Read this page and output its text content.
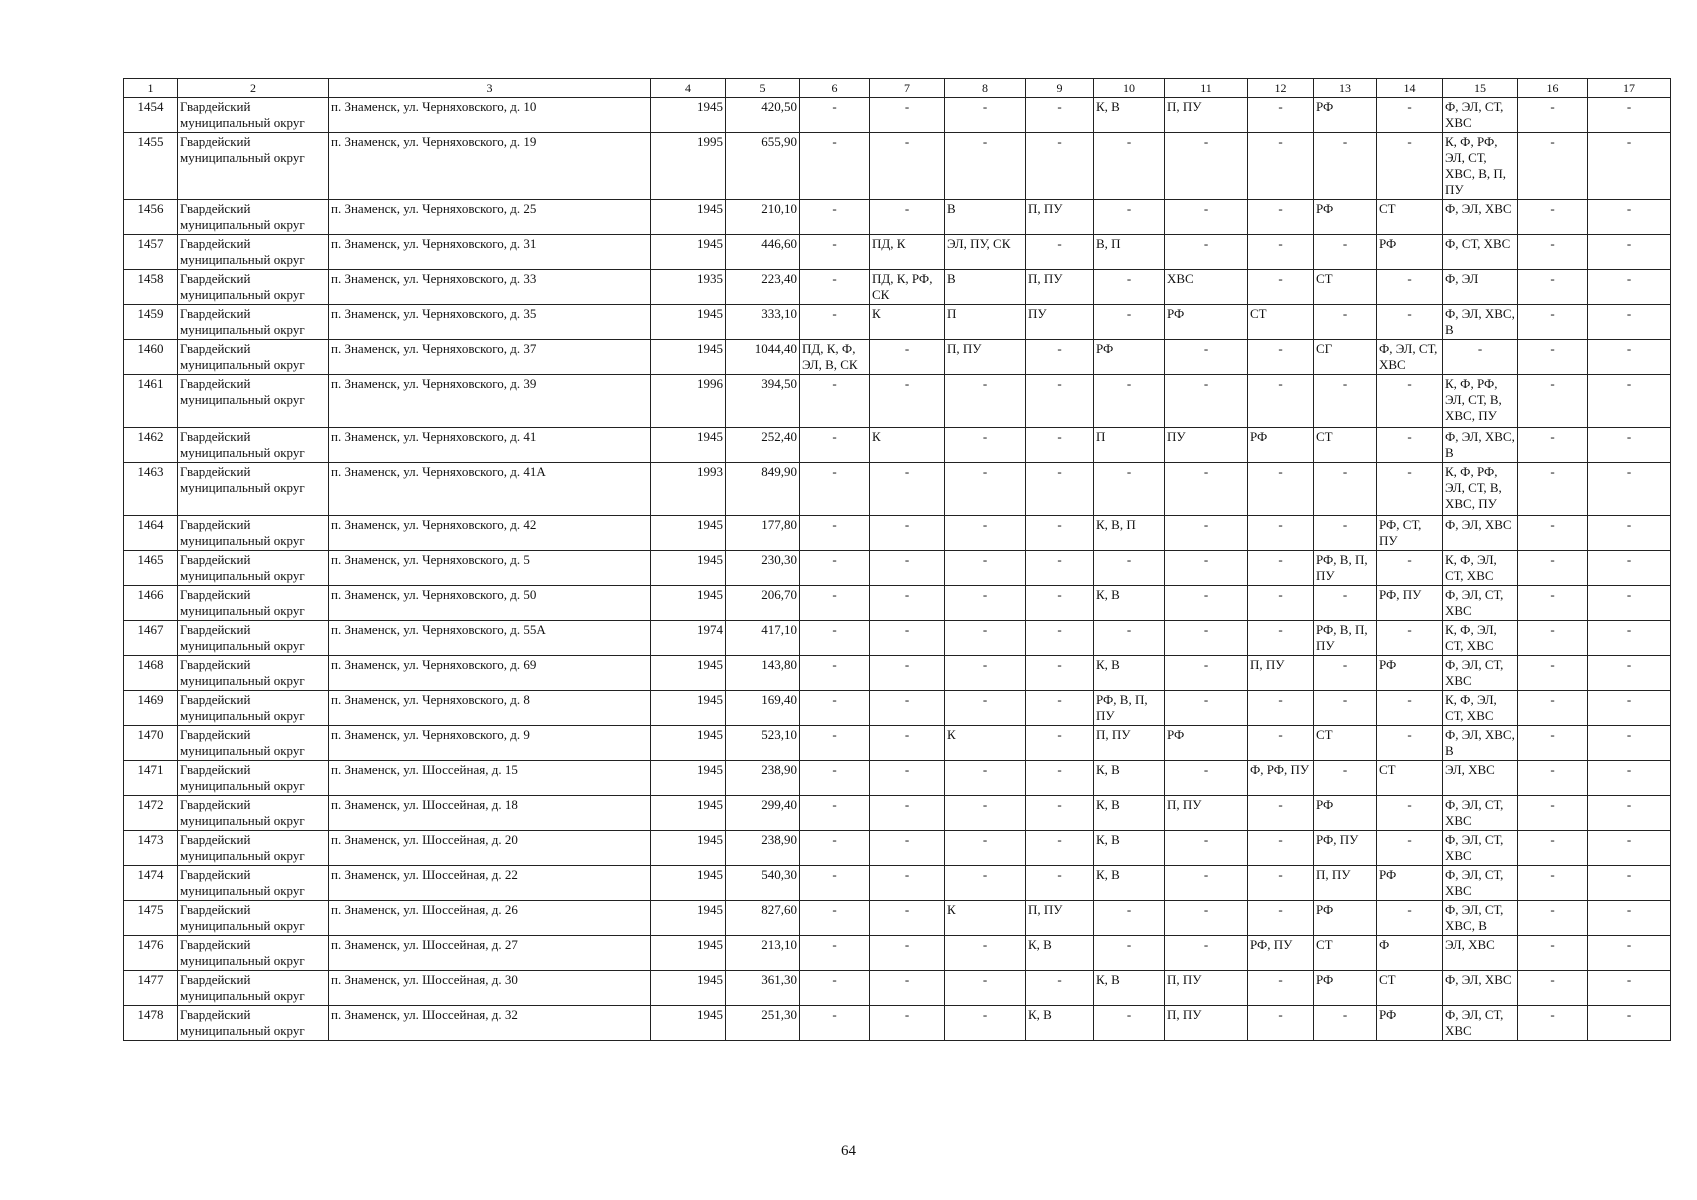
1	2	3	4	5	6	7	8	9	10	11	12	13	14	15	16	17
1454	Гвардейский муниципальный округ	п. Знаменск, ул. Черняховского, д. 10	1945	420,50	-	-	-	-	К, В	П, ПУ	-	РФ	-	Ф, ЭЛ, СТ, ХВС	-	-
1455	Гвардейский муниципальный округ	п. Знаменск, ул. Черняховского, д. 19	1995	655,90	-	-	-	-	-	-	-	-	-	К, Ф, РФ, ЭЛ, СТ, ХВС, В, П, ПУ	-	-
1456	Гвардейский муниципальный округ	п. Знаменск, ул. Черняховского, д. 25	1945	210,10	-	-	В	П, ПУ	-	-	-	РФ	СТ	Ф, ЭЛ, ХВС	-	-
1457	Гвардейский муниципальный округ	п. Знаменск, ул. Черняховского, д. 31	1945	446,60	-	ПД, К	ЭЛ, ПУ, СК	-	В, П	-	-	-	РФ	Ф, СТ, ХВС	-	-
1458	Гвардейский муниципальный округ	п. Знаменск, ул. Черняховского, д. 33	1935	223,40	-	ПД, К, РФ, СК	В	П, ПУ	-	ХВС	-	СТ	-	Ф, ЭЛ	-	-
1459	Гвардейский муниципальный округ	п. Знаменск, ул. Черняховского, д. 35	1945	333,10	-	К	П	ПУ	-	РФ	СТ	-	-	Ф, ЭЛ, ХВС, В	-	-
1460	Гвардейский муниципальный округ	п. Знаменск, ул. Черняховского, д. 37	1945	1044,40	ПД, К, Ф, ЭЛ, В, СК	-	П, ПУ	-	РФ	-	-	СГ	Ф, ЭЛ, СТ, ХВС	-	-	-
1461	Гвардейский муниципальный округ	п. Знаменск, ул. Черняховского, д. 39	1996	394,50	-	-	-	-	-	-	-	-	-	К, Ф, РФ, ЭЛ, СТ, В, ХВС, ПУ	-	-
1462	Гвардейский муниципальный округ	п. Знаменск, ул. Черняховского, д. 41	1945	252,40	-	К	-	-	П	ПУ	РФ	СТ	-	Ф, ЭЛ, ХВС, В	-	-
1463	Гвардейский муниципальный округ	п. Знаменск, ул. Черняховского, д. 41А	1993	849,90	-	-	-	-	-	-	-	-	-	К, Ф, РФ, ЭЛ, СТ, В, ХВС, ПУ	-	-
1464	Гвардейский муниципальный округ	п. Знаменск, ул. Черняховского, д. 42	1945	177,80	-	-	-	-	К, В, П	-	-	-	РФ, СТ, ПУ	Ф, ЭЛ, ХВС	-	-
1465	Гвардейский муниципальный округ	п. Знаменск, ул. Черняховского, д. 5	1945	230,30	-	-	-	-	-	-	-	РФ, В, П, ПУ	-	К, Ф, ЭЛ, СТ, ХВС	-	-
1466	Гвардейский муниципальный округ	п. Знаменск, ул. Черняховского, д. 50	1945	206,70	-	-	-	-	К, В	-	-	-	РФ, ПУ	Ф, ЭЛ, СТ, ХВС	-	-
1467	Гвардейский муниципальный округ	п. Знаменск, ул. Черняховского, д. 55А	1974	417,10	-	-	-	-	-	-	-	РФ, В, П, ПУ	-	К, Ф, ЭЛ, СТ, ХВС	-	-
1468	Гвардейский муниципальный округ	п. Знаменск, ул. Черняховского, д. 69	1945	143,80	-	-	-	-	К, В	-	П, ПУ	-	РФ	Ф, ЭЛ, СТ, ХВС	-	-
1469	Гвардейский муниципальный округ	п. Знаменск, ул. Черняховского, д. 8	1945	169,40	-	-	-	-	РФ, В, П, ПУ	-	-	-	-	К, Ф, ЭЛ, СТ, ХВС	-	-
1470	Гвардейский муниципальный округ	п. Знаменск, ул. Черняховского, д. 9	1945	523,10	-	-	К	-	П, ПУ	РФ	-	СТ	-	Ф, ЭЛ, ХВС, В	-	-
1471	Гвардейский муниципальный округ	п. Знаменск, ул. Шоссейная, д. 15	1945	238,90	-	-	-	-	К, В	-	Ф, РФ, ПУ	-	СТ	ЭЛ, ХВС	-	-
1472	Гвардейский муниципальный округ	п. Знаменск, ул. Шоссейная, д. 18	1945	299,40	-	-	-	-	К, В	П, ПУ	-	РФ	-	Ф, ЭЛ, СТ, ХВС	-	-
1473	Гвардейский муниципальный округ	п. Знаменск, ул. Шоссейная, д. 20	1945	238,90	-	-	-	-	К, В	-	-	РФ, ПУ	-	Ф, ЭЛ, СТ, ХВС	-	-
1474	Гвардейский муниципальный округ	п. Знаменск, ул. Шоссейная, д. 22	1945	540,30	-	-	-	-	К, В	-	-	П, ПУ	РФ	Ф, ЭЛ, СТ, ХВС	-	-
1475	Гвардейский муниципальный округ	п. Знаменск, ул. Шоссейная, д. 26	1945	827,60	-	-	К	П, ПУ	-	-	-	РФ	-	Ф, ЭЛ, СТ, ХВС, В	-	-
1476	Гвардейский муниципальный округ	п. Знаменск, ул. Шоссейная, д. 27	1945	213,10	-	-	-	К, В	-	-	РФ, ПУ	СТ	Ф	ЭЛ, ХВС	-	-
1477	Гвардейский муниципальный округ	п. Знаменск, ул. Шоссейная, д. 30	1945	361,30	-	-	-	-	К, В	П, ПУ	-	РФ	СТ	Ф, ЭЛ, ХВС	-	-
1478	Гвардейский муниципальный округ	п. Знаменск, ул. Шоссейная, д. 32	1945	251,30	-	-	-	К, В	-	П, ПУ	-	-	РФ	Ф, ЭЛ, СТ, ХВС	-	-
64
